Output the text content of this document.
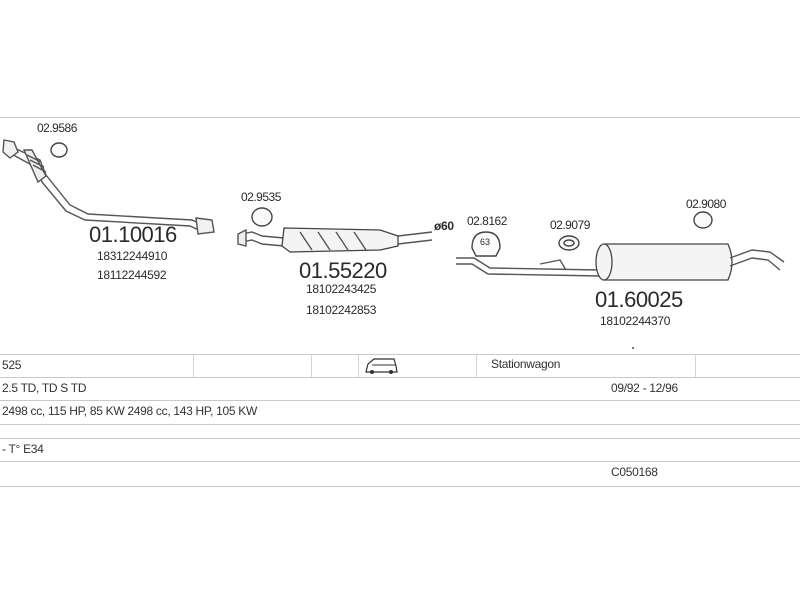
02.9586
01.10016
18312244910
18112244592
02.9535
01.55220
18102243425
18102242853
ø60 02.8162
63
02.9079
02.9080
01.60025
18102244370
525	Stationwagon
2.5 TD, TD S TD	09/92 - 12/96
2498 cc, 115 HP, 85 KW 2498 cc, 143 HP, 105 KW
- T° E34
C050168
